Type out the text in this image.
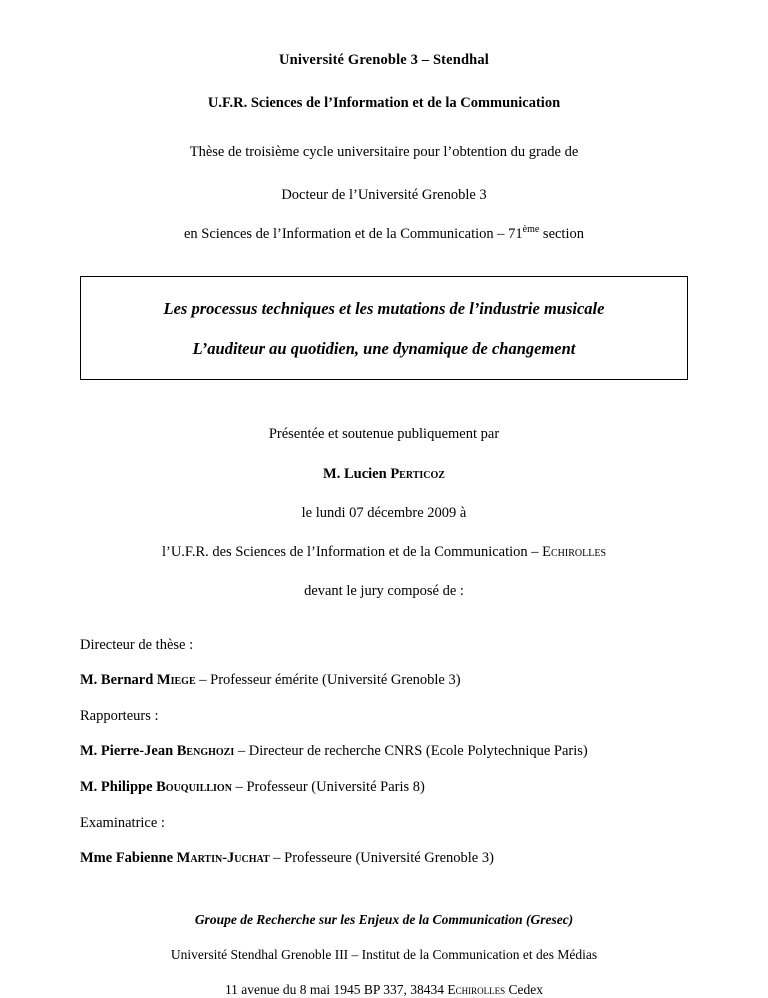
Université Grenoble 3 – Stendhal
U.F.R. Sciences de l’Information et de la Communication
Thèse de troisième cycle universitaire pour l’obtention du grade de
Docteur de l’Université Grenoble 3
en Sciences de l’Information et de la Communication – 71ème section
Les processus techniques et les mutations de l’industrie musicale
L’auditeur au quotidien, une dynamique de changement
Présentée et soutenue publiquement par
M. Lucien Perticoz
le lundi 07 décembre 2009 à
l’U.F.R. des Sciences de l’Information et de la Communication – Echirolles
devant le jury composé de :
Directeur de thèse :
M. Bernard Miege – Professeur émérite (Université Grenoble 3)
Rapporteurs :
M. Pierre-Jean Benghozi – Directeur de recherche CNRS (Ecole Polytechnique Paris)
M. Philippe Bouquillion – Professeur (Université Paris 8)
Examinatrice :
Mme Fabienne Martin-Juchat – Professeure (Université Grenoble 3)
Groupe de Recherche sur les Enjeux de la Communication (Gresec)
Université Stendhal Grenoble III – Institut de la Communication et des Médias
11 avenue du 8 mai 1945 BP 337, 38434 Echirolles Cedex
